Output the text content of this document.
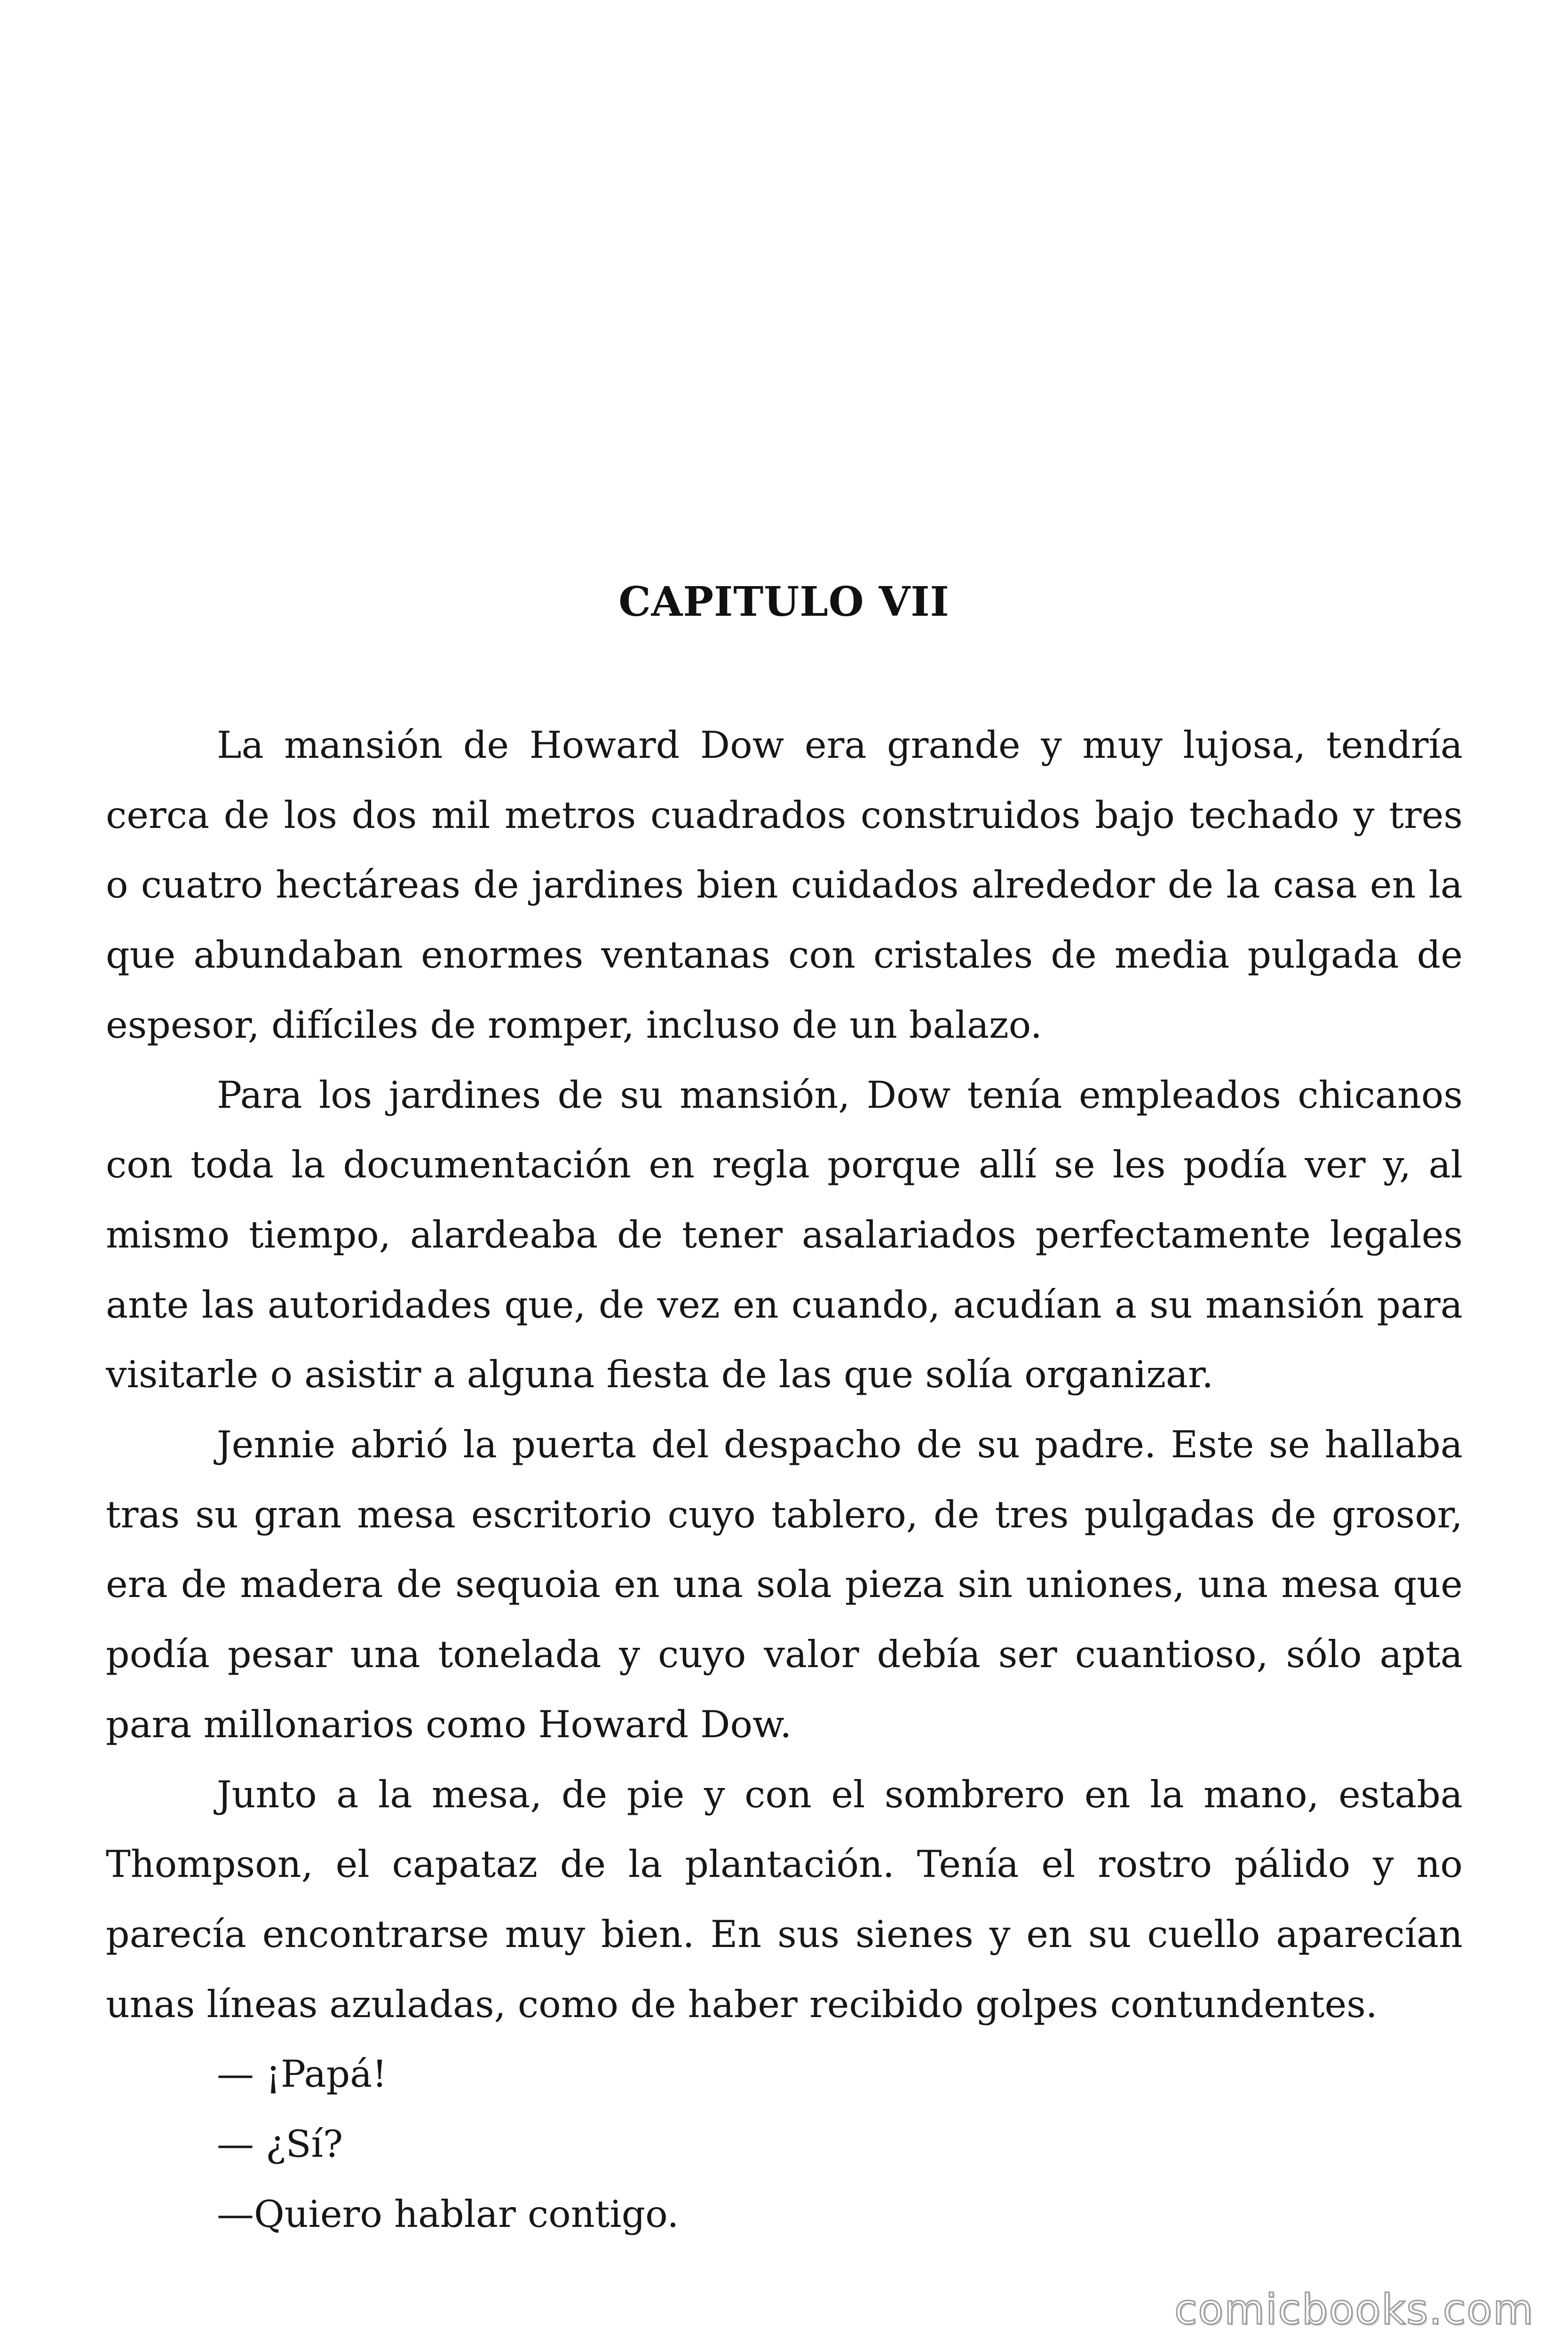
CAPITULO VII

La mansión de Howard Dow era grande y muy lujosa, tendría cerca de los dos mil metros cuadrados construidos bajo techado y tres o cuatro hectáreas de jardines bien cuidados alrededor de la casa en la que abundaban enormes ventanas con cristales de media pulgada de espesor, difíciles de romper, incluso de un balazo.

Para los jardines de su mansión, Dow tenía empleados chicanos con toda la documentación en regla porque allí se les podía ver y, al mismo tiempo, alardeaba de tener asalariados perfectamente legales ante las autoridades que, de vez en cuando, acudían a su mansión para visitarle o asistir a alguna fiesta de las que solía organizar.

Jennie abrió la puerta del despacho de su padre. Este se hallaba tras su gran mesa escritorio cuyo tablero, de tres pulgadas de grosor, era de madera de sequoia en una sola pieza sin uniones, una mesa que podía pesar una tonelada y cuyo valor debía ser cuantioso, sólo apta para millonarios como Howard Dow.

Junto a la mesa, de pie y con el sombrero en la mano, estaba Thompson, el capataz de la plantación. Tenía el rostro pálido y no parecía encontrarse muy bien. En sus sienes y en su cuello aparecían unas líneas azuladas, como de haber recibido golpes contundentes.

— ¡Papá!

— ¿Sí?

—Quiero hablar contigo.

comicbooks.com
